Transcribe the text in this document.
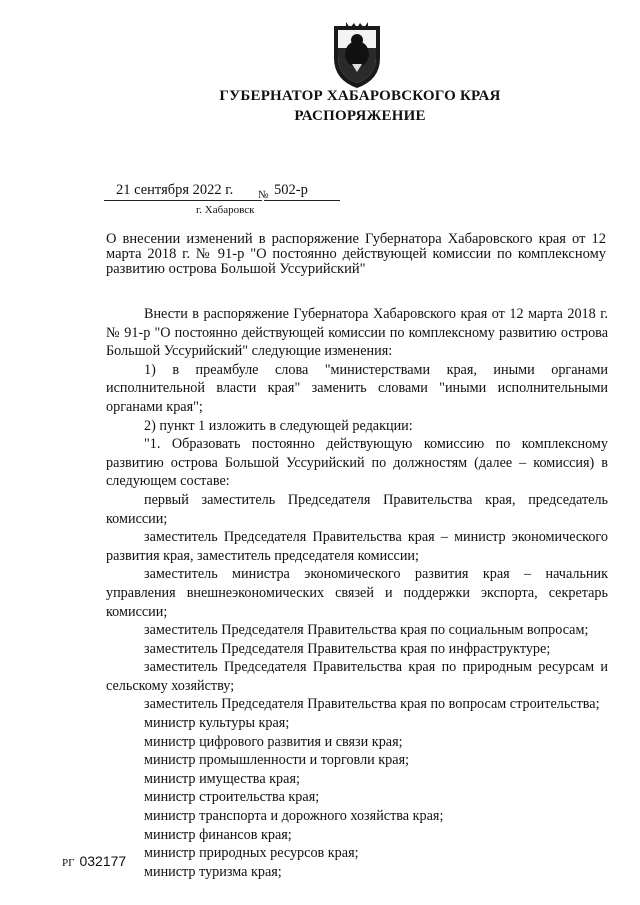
ГУБЕРНАТОР ХАБАРОВСКОГО КРАЯ
РАСПОРЯЖЕНИЕ
21 сентября 2022 г. № 502-р
г. Хабаровск
О внесении изменений в распоряжение Губернатора Хабаровского края от 12 марта 2018 г. № 91-р "О постоянно действующей комиссии по комплексному развитию острова Большой Уссурийский"

Внести в распоряжение Губернатора Хабаровского края от 12 марта 2018 г. № 91-р "О постоянно действующей комиссии по комплексному развитию острова Большой Уссурийский" следующие изменения:

1) в преамбуле слова "министерствами края, иными органами исполнительной власти края" заменить словами "иными исполнительными органами края";

2) пункт 1 изложить в следующей редакции:

"1. Образовать постоянно действующую комиссию по комплексному развитию острова Большой Уссурийский по должностям (далее – комиссия) в следующем составе:

первый заместитель Председателя Правительства края, председатель комиссии;

заместитель Председателя Правительства края – министр экономического развития края, заместитель председателя комиссии;

заместитель министра экономического развития края – начальник управления внешнеэкономических связей и поддержки экспорта, секретарь комиссии;

заместитель Председателя Правительства края по социальным вопросам;

заместитель Председателя Правительства края по инфраструктуре;

заместитель Председателя Правительства края по природным ресурсам и сельскому хозяйству;

заместитель Председателя Правительства края по вопросам строительства;

министр культуры края;

министр цифрового развития и связи края;

министр промышленности и торговли края;

министр имущества края;

министр строительства края;

министр транспорта и дорожного хозяйства края;

министр финансов края;

министр природных ресурсов края;

министр туризма края;

РГ 032177
